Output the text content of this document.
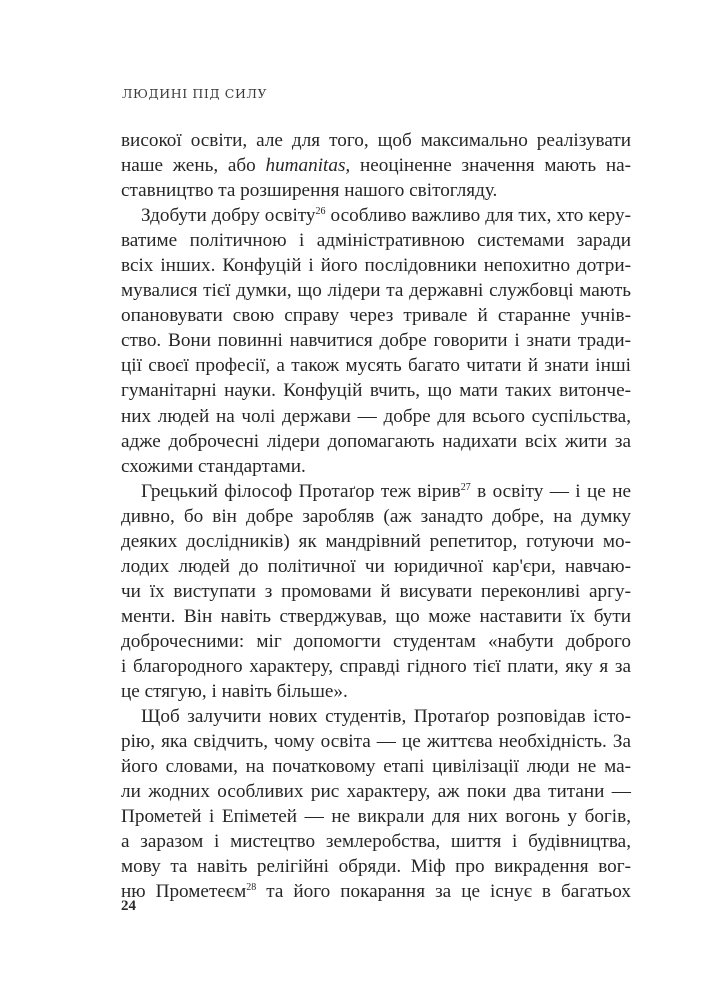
ЛЮДИНІ ПІД СИЛУ
високої освіти, але для того, щоб максимально реалізувати
наше жень, або humanitas, неоціненне значення мають на-
ставництво та розширення нашого світогляду.
Здобути добру освіту$^{26}$ особливо важливо для тих, хто керу-
ватиме політичною і адміністративною системами заради
всіх інших. Конфуцій і його послідовники непохитно дотри-
мувалися тієї думки, що лідери та державні службовці мають
опановувати свою справу через тривале й старанне учнів-
ство. Вони повинні навчитися добре говорити і знати тради-
ції своєї професії, а також мусять багато читати й знати інші
гуманітарні науки. Конфуцій вчить, що мати таких витонче-
них людей на чолі держави — добре для всього суспільства,
адже доброчесні лідери допомагають надихати всіх жити за
схожими стандартами.
Грецький філософ Протаґор теж вірив$^{27}$ в освіту — і це не
дивно, бо він добре заробляв (аж занадто добре, на думку
деяких дослідників) як мандрівний репетитор, готуючи мо-
лодих людей до політичної чи юридичної кар'єри, навчаю-
чи їх виступати з промовами й висувати переконливі аргу-
менти. Він навіть стверджував, що може наставити їх бути
доброчесними: міг допомогти студентам «набути доброго
і благородного характеру, справді гідного тієї плати, яку я за
це стягую, і навіть більше».
Щоб залучити нових студентів, Протаґор розповідав істо-
рію, яка свідчить, чому освіта — це життєва необхідність. За
його словами, на початковому етапі цивілізації люди не ма-
ли жодних особливих рис характеру, аж поки два титани —
Прометей і Епіметей — не викрали для них вогонь у богів,
а заразом і мистецтво землеробства, шиття і будівництва,
мову та навіть релігійні обряди. Міф про викрадення вог-
ню Прометеєм$^{28}$ та його покарання за це існує в багатьох
24
